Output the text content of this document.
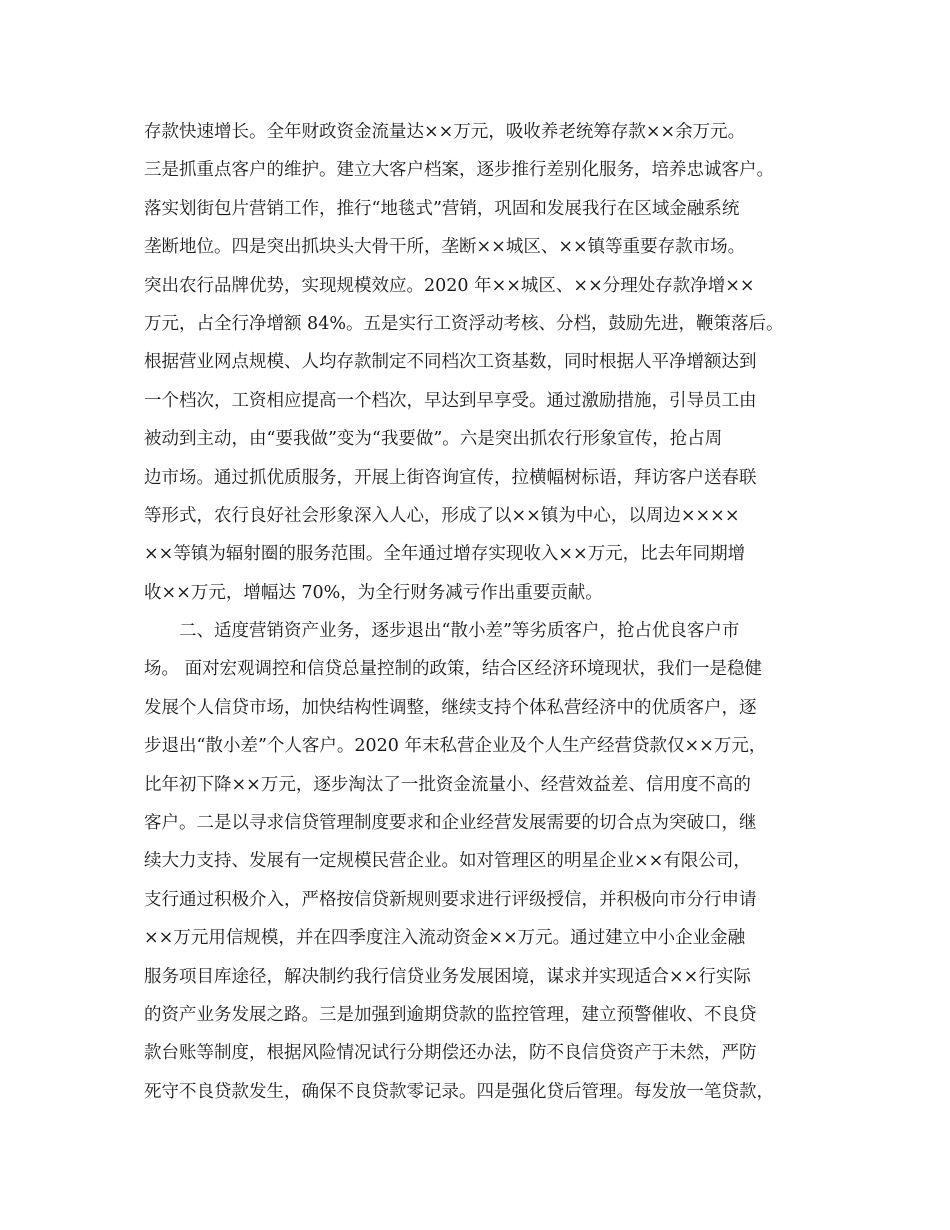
存款快速增长。全年财政资金流量达××万元，吸收养老统筹存款××余万元。
三是抓重点客户的维护。建立大客户档案，逐步推行差别化服务，培养忠诚客户。
落实划街包片营销工作，推行“地毯式”营销，巩固和发展我行在区域金融系统
垄断地位。四是突出抓块头大骨干所，垄断××城区、××镇等重要存款市场。
突出农行品牌优势，实现规模效应。2020 年××城区、××分理处存款净增××
万元，占全行净增额 84%。五是实行工资浮动考核、分档，鼓励先进，鞭策落后。
根据营业网点规模、人均存款制定不同档次工资基数，同时根据人平净增额达到
一个档次，工资相应提高一个档次，早达到早享受。通过激励措施，引导员工由
被动到主动，由“要我做”变为“我要做”。六是突出抓农行形象宣传，抢占周
边市场。通过抓优质服务，开展上街咨询宣传，拉横幅树标语，拜访客户送春联
等形式，农行良好社会形象深入人心，形成了以××镇为中心，以周边××××
××等镇为辐射圈的服务范围。全年通过增存实现收入××万元，比去年同期增
收××万元，增幅达 70%，为全行财务减亏作出重要贡献。
二、适度营销资产业务，逐步退出“散小差”等劣质客户，抢占优良客户市
场。 面对宏观调控和信贷总量控制的政策，结合区经济环境现状，我们一是稳健
发展个人信贷市场，加快结构性调整，继续支持个体私营经济中的优质客户，逐
步退出“散小差”个人客户。2020 年末私营企业及个人生产经营贷款仅××万元，
比年初下降××万元，逐步淘汰了一批资金流量小、经营效益差、信用度不高的
客户。二是以寻求信贷管理制度要求和企业经营发展需要的切合点为突破口，继
续大力支持、发展有一定规模民营企业。如对管理区的明星企业××有限公司，
支行通过积极介入，严格按信贷新规则要求进行评级授信，并积极向市分行申请
××万元用信规模，并在四季度注入流动资金××万元。通过建立中小企业金融
服务项目库途径，解决制约我行信贷业务发展困境，谋求并实现适合××行实际
的资产业务发展之路。三是加强到逾期贷款的监控管理，建立预警催收、不良贷
款台账等制度，根据风险情况试行分期偿还办法，防不良信贷资产于未然，严防
死守不良贷款发生，确保不良贷款零记录。四是强化贷后管理。每发放一笔贷款，
